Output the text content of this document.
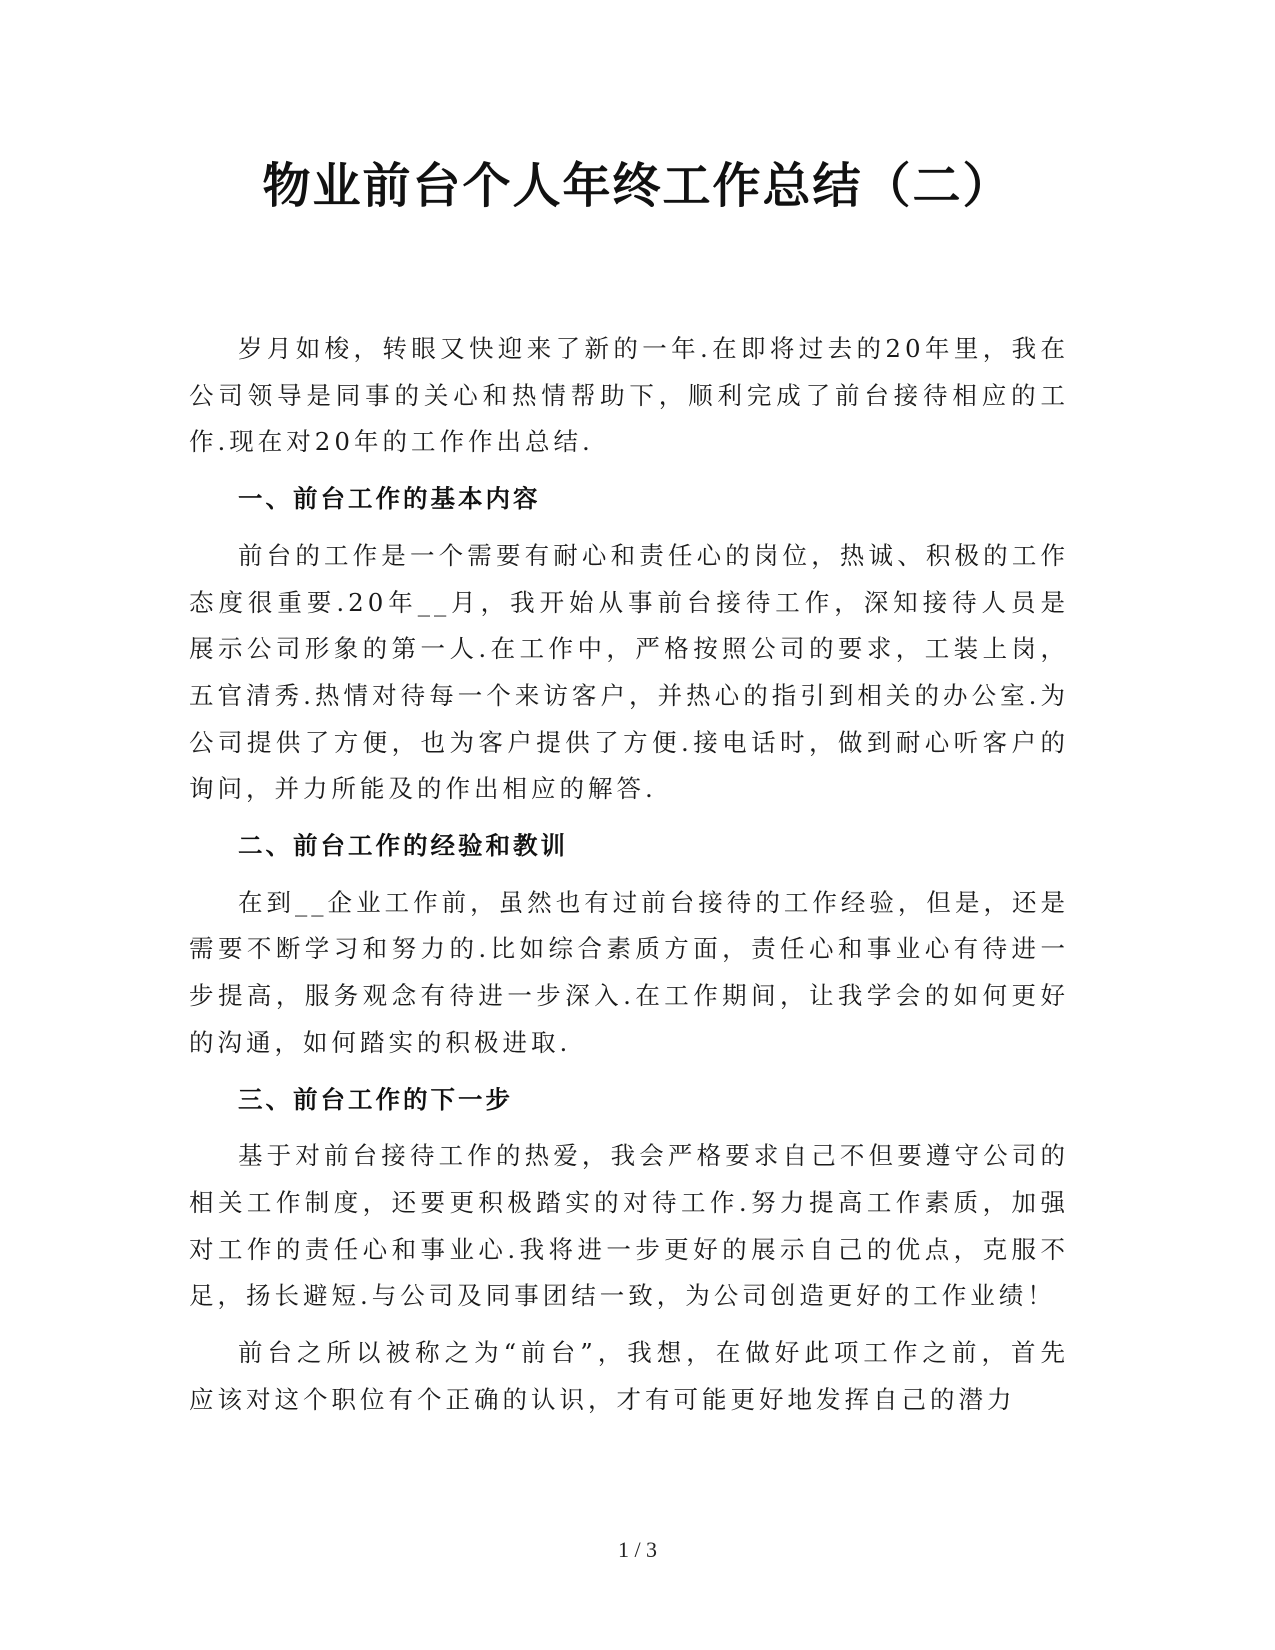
物业前台个人年终工作总结（二）

岁月如梭，转眼又快迎来了新的一年.在即将过去的20年里，我在公司领导是同事的关心和热情帮助下，顺利完成了前台接待相应的工作.现在对20年的工作作出总结.

一、前台工作的基本内容

前台的工作是一个需要有耐心和责任心的岗位，热诚、积极的工作态度很重要.20年__月，我开始从事前台接待工作，深知接待人员是展示公司形象的第一人.在工作中，严格按照公司的要求，工装上岗，五官清秀.热情对待每一个来访客户，并热心的指引到相关的办公室.为公司提供了方便，也为客户提供了方便.接电话时，做到耐心听客户的询问，并力所能及的作出相应的解答.

二、前台工作的经验和教训

在到__企业工作前，虽然也有过前台接待的工作经验，但是，还是需要不断学习和努力的.比如综合素质方面，责任心和事业心有待进一步提高，服务观念有待进一步深入.在工作期间，让我学会的如何更好的沟通，如何踏实的积极进取.

三、前台工作的下一步

基于对前台接待工作的热爱，我会严格要求自己不但要遵守公司的相关工作制度，还要更积极踏实的对待工作.努力提高工作素质，加强对工作的责任心和事业心.我将进一步更好的展示自己的优点，克服不足，扬长避短.与公司及同事团结一致，为公司创造更好的工作业绩！

前台之所以被称之为“前台”，我想，在做好此项工作之前，首先应该对这个职位有个正确的认识，才有可能更好地发挥自己的潜力

1 / 3
